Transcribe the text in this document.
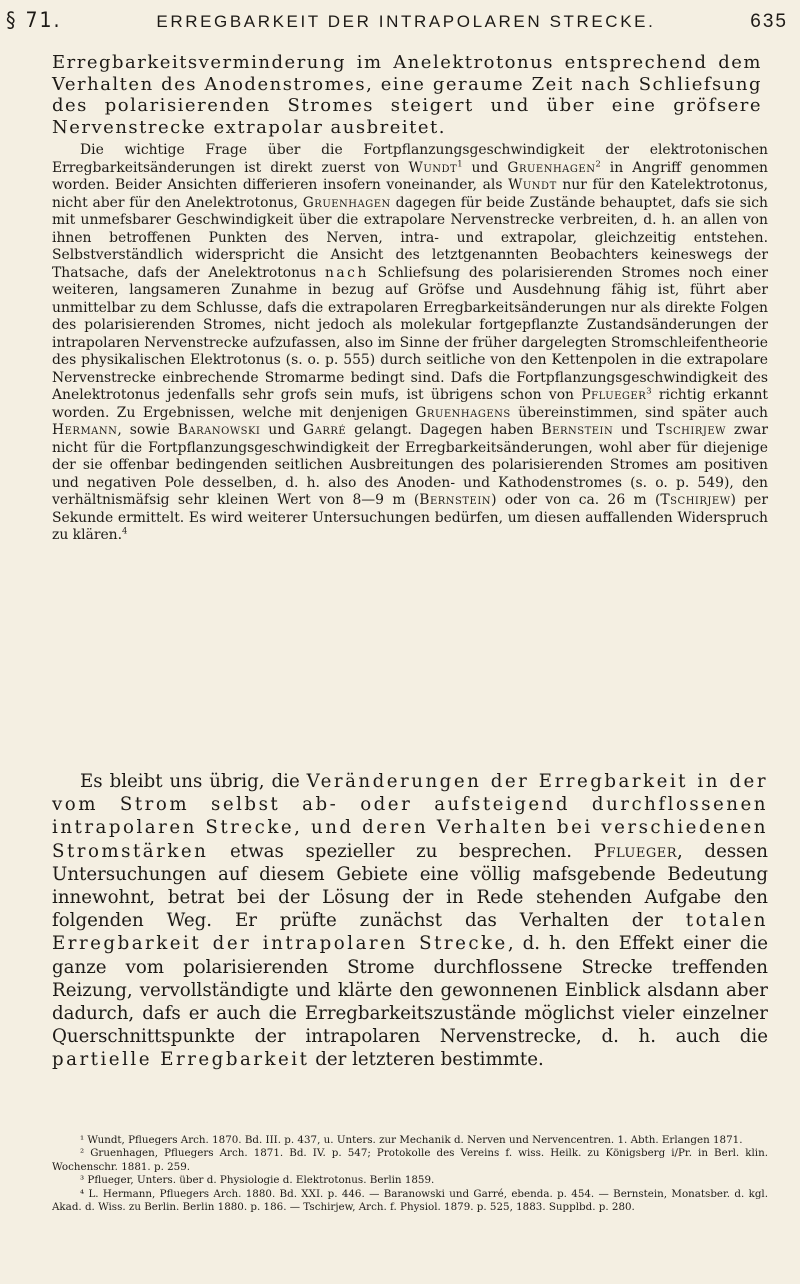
§ 71.	ERREGBARKEIT DER INTRAPOLAREN STRECKE.	635
Erregbarkeitsverminderung im Anelektrotonus entsprechend dem Verhalten des Anodenstromes, eine geraume Zeit nach Schliefsung des polarisierenden Stromes steigert und über eine gröfsere Nervenstrecke extrapolar ausbreitet.
Die wichtige Frage über die Fortpflanzungsgeschwindigkeit der elektrotonischen Erregbarkeitsänderungen ist direkt zuerst von Wundt$^1$ und Gruenhagen$^2$ in Angriff genommen worden. Beider Ansichten differieren insofern voneinander, als Wundt nur für den Katelektrotonus, nicht aber für den Anelektrotonus, Gruenhagen dagegen für beide Zustände behauptet, dafs sie sich mit unmefsbarer Geschwindigkeit über die extrapolare Nervenstrecke verbreiten, d. h. an allen von ihnen betroffenen Punkten des Nerven, intra- und extrapolar, gleichzeitig entstehen. Selbstverständlich widerspricht die Ansicht des letztgenannten Beobachters keineswegs der Thatsache, dafs der Anelektrotonus nach Schliefsung des polarisierenden Stromes noch einer weiteren, langsameren Zunahme in bezug auf Gröfse und Ausdehnung fähig ist, führt aber unmittelbar zu dem Schlusse, dafs die extrapolaren Erregbarkeitsänderungen nur als direkte Folgen des polarisierenden Stromes, nicht jedoch als molekular fortgepflanzte Zustandsänderungen der intrapolaren Nervenstrecke aufzufassen, also im Sinne der früher dargelegten Stromschleifentheorie des physikalischen Elektrotonus (s. o. p. 555) durch seitliche von den Kettenpolen in die extrapolare Nervenstrecke einbrechende Stromarme bedingt sind. Dafs die Fortpflanzungsgeschwindigkeit des Anelektrotonus jedenfalls sehr grofs sein mufs, ist übrigens schon von Pflueger$^3$ richtig erkannt worden. Zu Ergebnissen, welche mit denjenigen Gruenhagens übereinstimmen, sind später auch Hermann, sowie Baranowski und Garré gelangt. Dagegen haben Bernstein und Tschirjew zwar nicht für die Fortpflanzungsgeschwindigkeit der Erregbarkeitsänderungen, wohl aber für diejenige der sie offenbar bedingenden seitlichen Ausbreitungen des polarisierenden Stromes am positiven und negativen Pole desselben, d. h. also des Anoden- und Kathodenstromes (s. o. p. 549), den verhältnismäfsig sehr kleinen Wert von 8—9 m (Bernstein) oder von ca. 26 m (Tschirjew) per Sekunde ermittelt. Es wird weiterer Untersuchungen bedürfen, um diesen auffallenden Widerspruch zu klären.$^4$
Es bleibt uns übrig, die Veränderungen der Erregbarkeit in der vom Strom selbst ab- oder aufsteigend durchflossenen intrapolaren Strecke, und deren Verhalten bei verschiedenen Stromstärken etwas spezieller zu besprechen. Pflueger, dessen Untersuchungen auf diesem Gebiete eine völlig mafsgebende Bedeutung innewohnt, betrat bei der Lösung der in Rede stehenden Aufgabe den folgenden Weg. Er prüfte zunächst das Verhalten der totalen Erregbarkeit der intrapolaren Strecke, d. h. den Effekt einer die ganze vom polarisierenden Strome durchflossene Strecke treffenden Reizung, vervollständigte und klärte den gewonnenen Einblick alsdann aber dadurch, dafs er auch die Erregbarkeitszustände möglichst vieler einzelner Querschnittspunkte der intrapolaren Nervenstrecke, d. h. auch die partielle Erregbarkeit der letzteren bestimmte.
¹ Wundt, Pfluegers Arch. 1870. Bd. III. p. 437, u. Unters. zur Mechanik d. Nerven und Nervencentren. 1. Abth. Erlangen 1871.
² Gruenhagen, Pfluegers Arch. 1871. Bd. IV. p. 547; Protokolle des Vereins f. wiss. Heilk. zu Königsberg i/Pr. in Berl. klin. Wochenschr. 1881. p. 259.
³ Pflueger, Unters. über d. Physiologie d. Elektrotonus. Berlin 1859.
⁴ L. Hermann, Pfluegers Arch. 1880. Bd. XXI. p. 446. — Baranowski und Garré, ebenda. p. 454. — Bernstein, Monatsber. d. kgl. Akad. d. Wiss. zu Berlin. Berlin 1880. p. 186. — Tschirjew, Arch. f. Physiol. 1879. p. 525, 1883. Supplbd. p. 280.
